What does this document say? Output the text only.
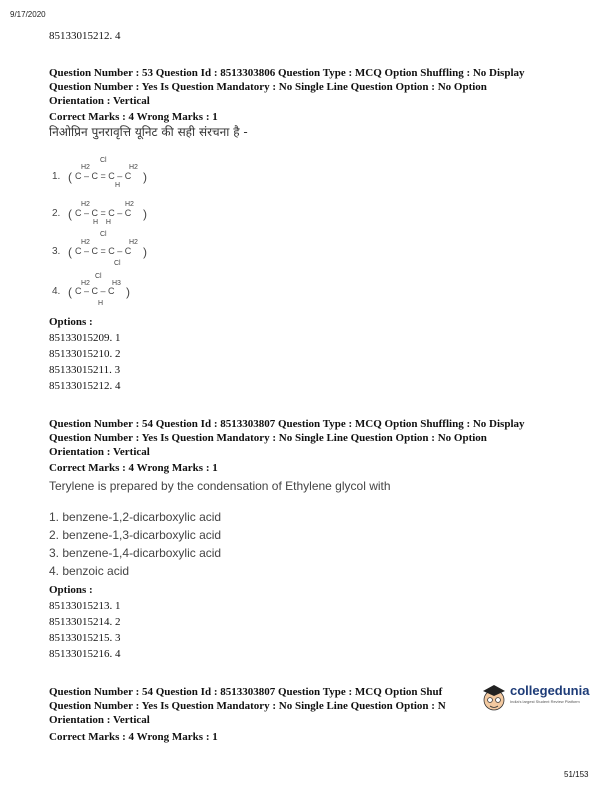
9/17/2020
85133015212. 4
Question Number : 53 Question Id : 8513303806 Question Type : MCQ Option Shuffling : No Display
Question Number : Yes Is Question Mandatory : No Single Line Question Option : No Option
Orientation : Vertical
Correct Marks : 4 Wrong Marks : 1
निओप्रिन पुनरावृत्ति यूनिट की सही संरचना है -
1.
Cl
H2	H2
( C – C = C – C )
H
2.
H2	H2
( C – C = C – C )
H    H
3.
Cl
H2	H2
( C – C = C – C )
Cl
4.
Cl
H2	H3
( C – C – C )
H
Options :
85133015209. 1
85133015210. 2
85133015211. 3
85133015212. 4
Question Number : 54 Question Id : 8513303807 Question Type : MCQ Option Shuffling : No Display
Question Number : Yes Is Question Mandatory : No Single Line Question Option : No Option
Orientation : Vertical
Correct Marks : 4 Wrong Marks : 1
Terylene is prepared by the condensation of Ethylene glycol with
1. benzene-1,2-dicarboxylic acid
2. benzene-1,3-dicarboxylic acid
3. benzene-1,4-dicarboxylic acid
4. benzoic acid
Options :
85133015213. 1
85133015214. 2
85133015215. 3
85133015216. 4
Question Number : 54 Question Id : 8513303807 Question Type : MCQ Option Shuf
Question Number : Yes Is Question Mandatory : No Single Line Question Option : N
Orientation : Vertical
Correct Marks : 4 Wrong Marks : 1
collegedunia
India's largest Student Review Platform
51/153
